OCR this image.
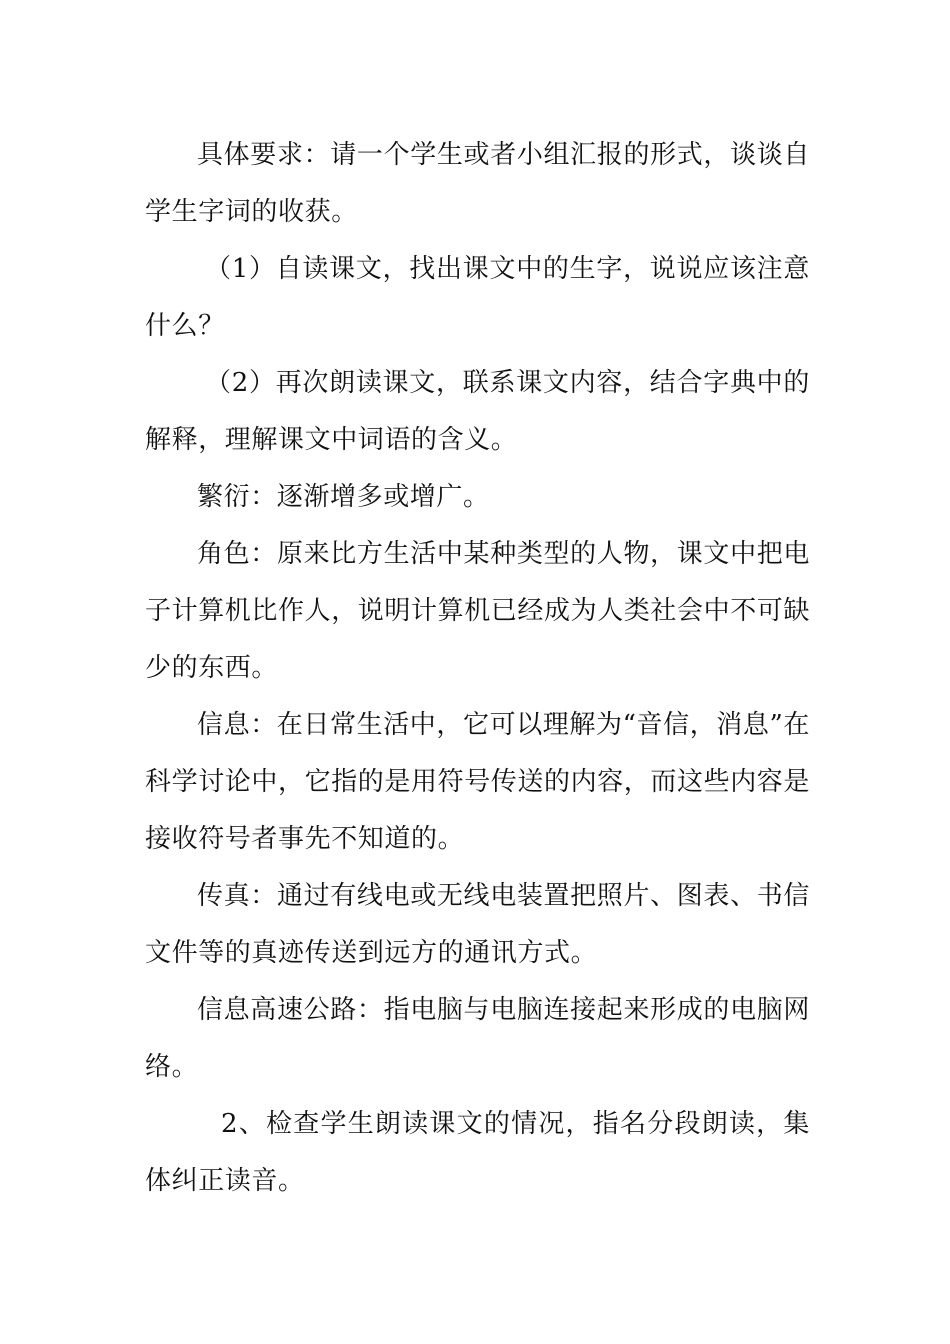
具体要求：请一个学生或者小组汇报的形式，谈谈自学生字词的收获。

（1）自读课文，找出课文中的生字，说说应该注意什么？

（2）再次朗读课文，联系课文内容，结合字典中的解释，理解课文中词语的含义。

繁衍：逐渐增多或增广。

角色：原来比方生活中某种类型的人物，课文中把电子计算机比作人，说明计算机已经成为人类社会中不可缺少的东西。

信息：在日常生活中，它可以理解为“音信，消息”在科学讨论中，它指的是用符号传送的内容，而这些内容是接收符号者事先不知道的。

传真：通过有线电或无线电装置把照片、图表、书信文件等的真迹传送到远方的通讯方式。

信息高速公路：指电脑与电脑连接起来形成的电脑网络。

2、检查学生朗读课文的情况，指名分段朗读，集体纠正读音。
